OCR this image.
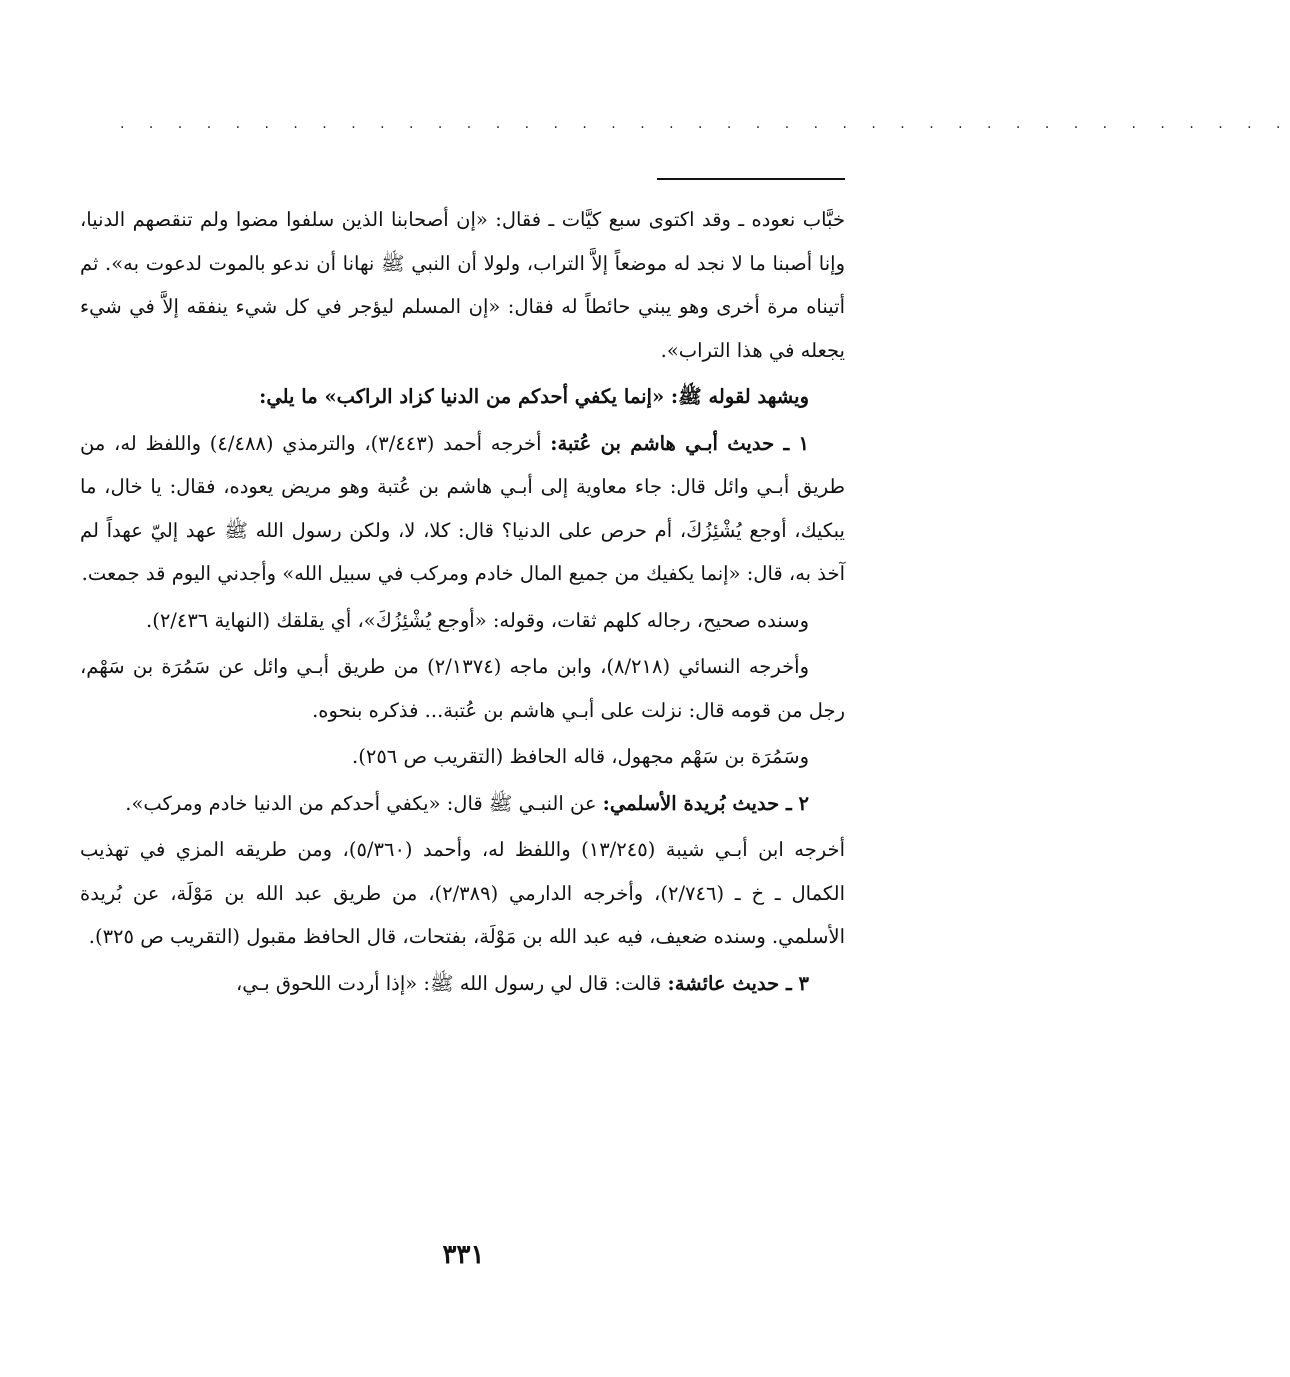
. . . . . . . . . . . . . . . . . . . . . . . . . . . . . . . . . . . . . . . . .

خبَّاب نعوده ـ وقد اكتوى سبع كيَّات ـ فقال: «إن أصحابنا الذين سلفوا مضوا ولم تنقصهم الدنيا، وإنا أصبنا ما لا نجد له موضعاً إلاَّ التراب، ولولا أن النبي ﷺ نهانا أن ندعو بالموت لدعوت به». ثم أتيناه مرة أخرى وهو يبني حائطاً له فقال: «إن المسلم ليؤجر في كل شيء ينفقه إلاَّ في شيء يجعله في هذا التراب».

ويشهد لقوله ﷺ: «إنما يكفي أحدكم من الدنيا كزاد الراكب» ما يلي:

١ ـ حديث أبـي هاشم بن عُتبة: أخرجه أحمد (٣/٤٤٣)، والترمذي (٤/٤٨٨) واللفظ له، من طريق أبـي وائل قال: جاء معاوية إلى أبـي هاشم بن عُتبة وهو مريض يعوده، فقال: يا خال، ما يبكيك، أوجع يُشْئِزُكَ، أم حرص على الدنيا؟ قال: كلا، لا، ولكن رسول الله ﷺ عهد إليّ عهداً لم آخذ به، قال: «إنما يكفيك من جميع المال خادم ومركب في سبيل الله» وأجدني اليوم قد جمعت.

وسنده صحيح، رجاله كلهم ثقات، وقوله: «أوجع يُشْئِزُكَ»، أي يقلقك (النهاية ٢/٤٣٦).

وأخرجه النسائي (٨/٢١٨)، وابن ماجه (٢/١٣٧٤) من طريق أبـي وائل عن سَمُرَة بن سَهْم، رجل من قومه قال: نزلت على أبـي هاشم بن عُتبة... فذكره بنحوه.

وسَمُرَة بن سَهْم مجهول، قاله الحافظ (التقريب ص ٢٥٦).

٢ ـ حديث بُريدة الأسلمي: عن النبـي ﷺ قال: «يكفي أحدكم من الدنيا خادم ومركب».

أخرجه ابن أبـي شيبة (١٣/٢٤٥) واللفظ له، وأحمد (٥/٣٦٠)، ومن طريقه المزي في تهذيب الكمال ـ خ ـ (٢/٧٤٦)، وأخرجه الدارمي (٢/٣٨٩)، من طريق عبد الله بن مَوْلَة، عن بُريدة الأسلمي. وسنده ضعيف، فيه عبد الله بن مَوْلَة، بفتحات، قال الحافظ مقبول (التقريب ص ٣٢٥).

٣ ـ حديث عائشة: قالت: قال لي رسول الله ﷺ: «إذا أردت اللحوق بـي،

٣٣١
